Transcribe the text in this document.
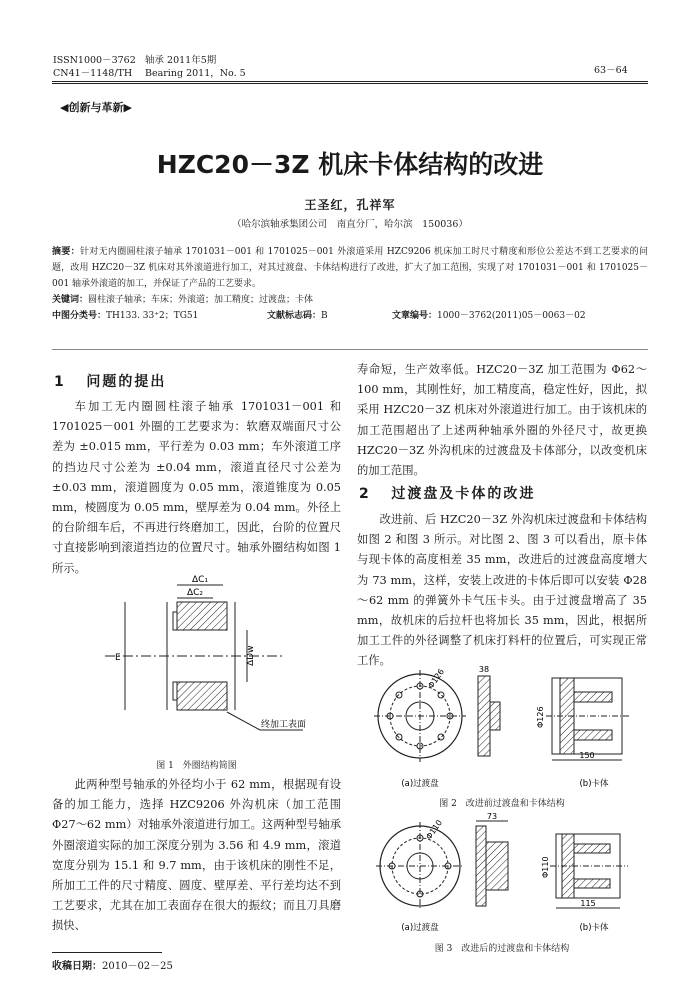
ISSN1000－3762
CN41－1148/TH
轴承 2011年5期
Bearing 2011，No. 5	63－64
◀创新与革新▶
HZC20－3Z 机床卡体结构的改进
王圣红，孔祥军
（哈尔滨轴承集团公司　南直分厂，哈尔滨　150036）
摘要：针对无内圈圆柱滚子轴承 1701031－001 和 1701025－001 外滚道采用 HZC9206 机床加工时尺寸精度和形位公差达不到工艺要求的问题，改用 HZC20－3Z 机床对其外滚道进行加工，对其过渡盘、卡体结构进行了改进，扩大了加工范围，实现了对 1701031－001 和 1701025－001 轴承外滚道的加工，并保证了产品的工艺要求。
关键词：圆柱滚子轴承；车床；外滚道；加工精度；过渡盘；卡体
中图分类号：TH133. 33⁺2；TG51	文献标志码：B	文章编号：1000－3762(2011)05－0063－02
1 问题的提出

车加工无内圈圆柱滚子轴承 1701031－001 和 1701025－001 外圈的工艺要求为：软磨双端面尺寸公差为 ±0.015 mm，平行差为 0.03 mm；车外滚道工序的挡边尺寸公差为 ±0.04 mm，滚道直径尺寸公差为 ±0.03 mm，滚道圆度为 0.05 mm，滚道锥度为 0.05 mm，棱圆度为 0.05 mm，壁厚差为 0.04 mm。外径上的台阶细车后，不再进行终磨加工，因此，台阶的位置尺寸直接影响到滚道挡边的位置尺寸。轴承外圈结构如图 1 所示。

ΔC₁
ΔC₂
E	ΔDw
终加工表面
图 1　外圈结构简图

此两种型号轴承的外径均小于 62 mm，根据现有设备的加工能力，选择 HZC9206 外沟机床（加工范围 Φ27～62 mm）对轴承外滚道进行加工。这两种型号轴承外圈滚道实际的加工深度分别为 3.56 和 4.9 mm，滚道宽度分别为 15.1 和 9.7 mm，由于该机床的刚性不足，所加工工件的尺寸精度、圆度、壁厚差、平行差均达不到工艺要求，尤其在加工表面存在很大的振纹；而且刀具磨损快、

寿命短，生产效率低。HZC20－3Z 加工范围为 Φ62～100 mm，其刚性好，加工精度高，稳定性好，因此，拟采用 HZC20－3Z 机床对外滚道进行加工。由于该机床的加工范围超出了上述两种轴承外圈的外径尺寸，故更换 HZC20－3Z 外沟机床的过渡盘及卡体部分，以改变机床的加工范围。

2 过渡盘及卡体的改进

改进前、后 HZC20－3Z 外沟机床过渡盘和卡体结构如图 2 和图 3 所示。对比图 2、图 3 可以看出，原卡体与现卡体的高度相差 35 mm，改进后的过渡盘高度增大为 73 mm，这样，安装上改进的卡体后即可以安装 Φ28～62 mm 的弹簧外卡气压卡头。由于过渡盘增高了 35 mm，故机床的后拉杆也将加长 35 mm，因此，根据所加工工件的外径调整了机床打料杆的位置后，可实现正常工作。

Φ126	38
Φ126
150
(a)过渡盘	(b)卡体
图 2　改进前过渡盘和卡体结构
Φ110
73
Φ110
115
(a)过渡盘	(b)卡体
图 3　改进后的过渡盘和卡体结构
收稿日期：2010－02－25
